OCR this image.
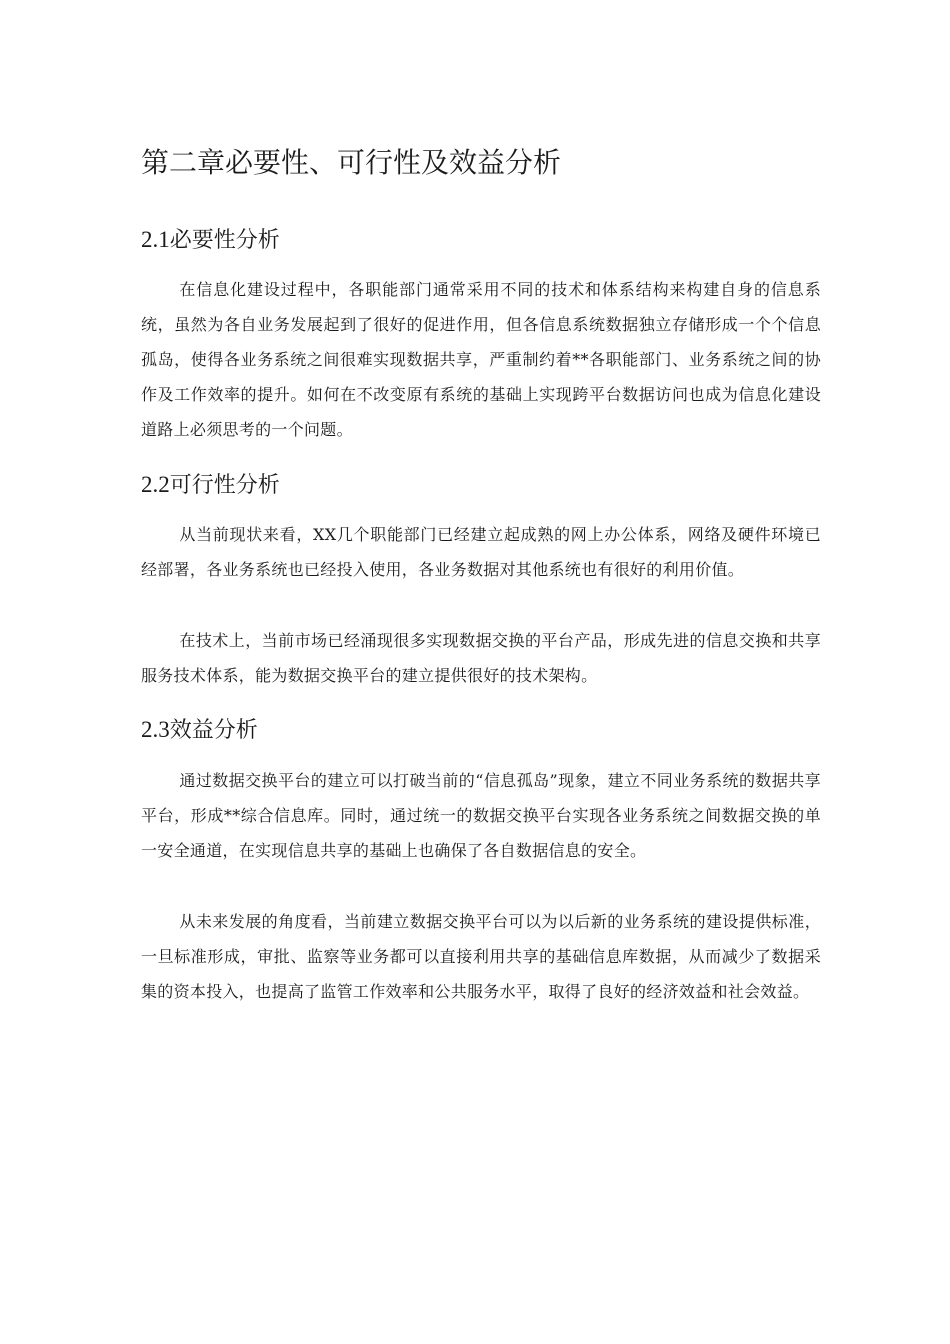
第二章必要性、可行性及效益分析
2.1必要性分析

在信息化建设过程中，各职能部门通常采用不同的技术和体系结构来构建自身的信息系统，虽然为各自业务发展起到了很好的促进作用，但各信息系统数据独立存储形成一个个信息孤岛，使得各业务系统之间很难实现数据共享，严重制约着**各职能部门、业务系统之间的协作及工作效率的提升。如何在不改变原有系统的基础上实现跨平台数据访问也成为信息化建设道路上必须思考的一个问题。

2.2可行性分析

从当前现状来看，XX几个职能部门已经建立起成熟的网上办公体系，网络及硬件环境已经部署，各业务系统也已经投入使用，各业务数据对其他系统也有很好的利用价值。

在技术上，当前市场已经涌现很多实现数据交换的平台产品，形成先进的信息交换和共享服务技术体系，能为数据交换平台的建立提供很好的技术架构。

2.3效益分析

通过数据交换平台的建立可以打破当前的“信息孤岛”现象，建立不同业务系统的数据共享平台，形成**综合信息库。同时，通过统一的数据交换平台实现各业务系统之间数据交换的单一安全通道，在实现信息共享的基础上也确保了各自数据信息的安全。

从未来发展的角度看，当前建立数据交换平台可以为以后新的业务系统的建设提供标准，一旦标准形成，审批、监察等业务都可以直接利用共享的基础信息库数据，从而减少了数据采集的资本投入，也提高了监管工作效率和公共服务水平，取得了良好的经济效益和社会效益。
